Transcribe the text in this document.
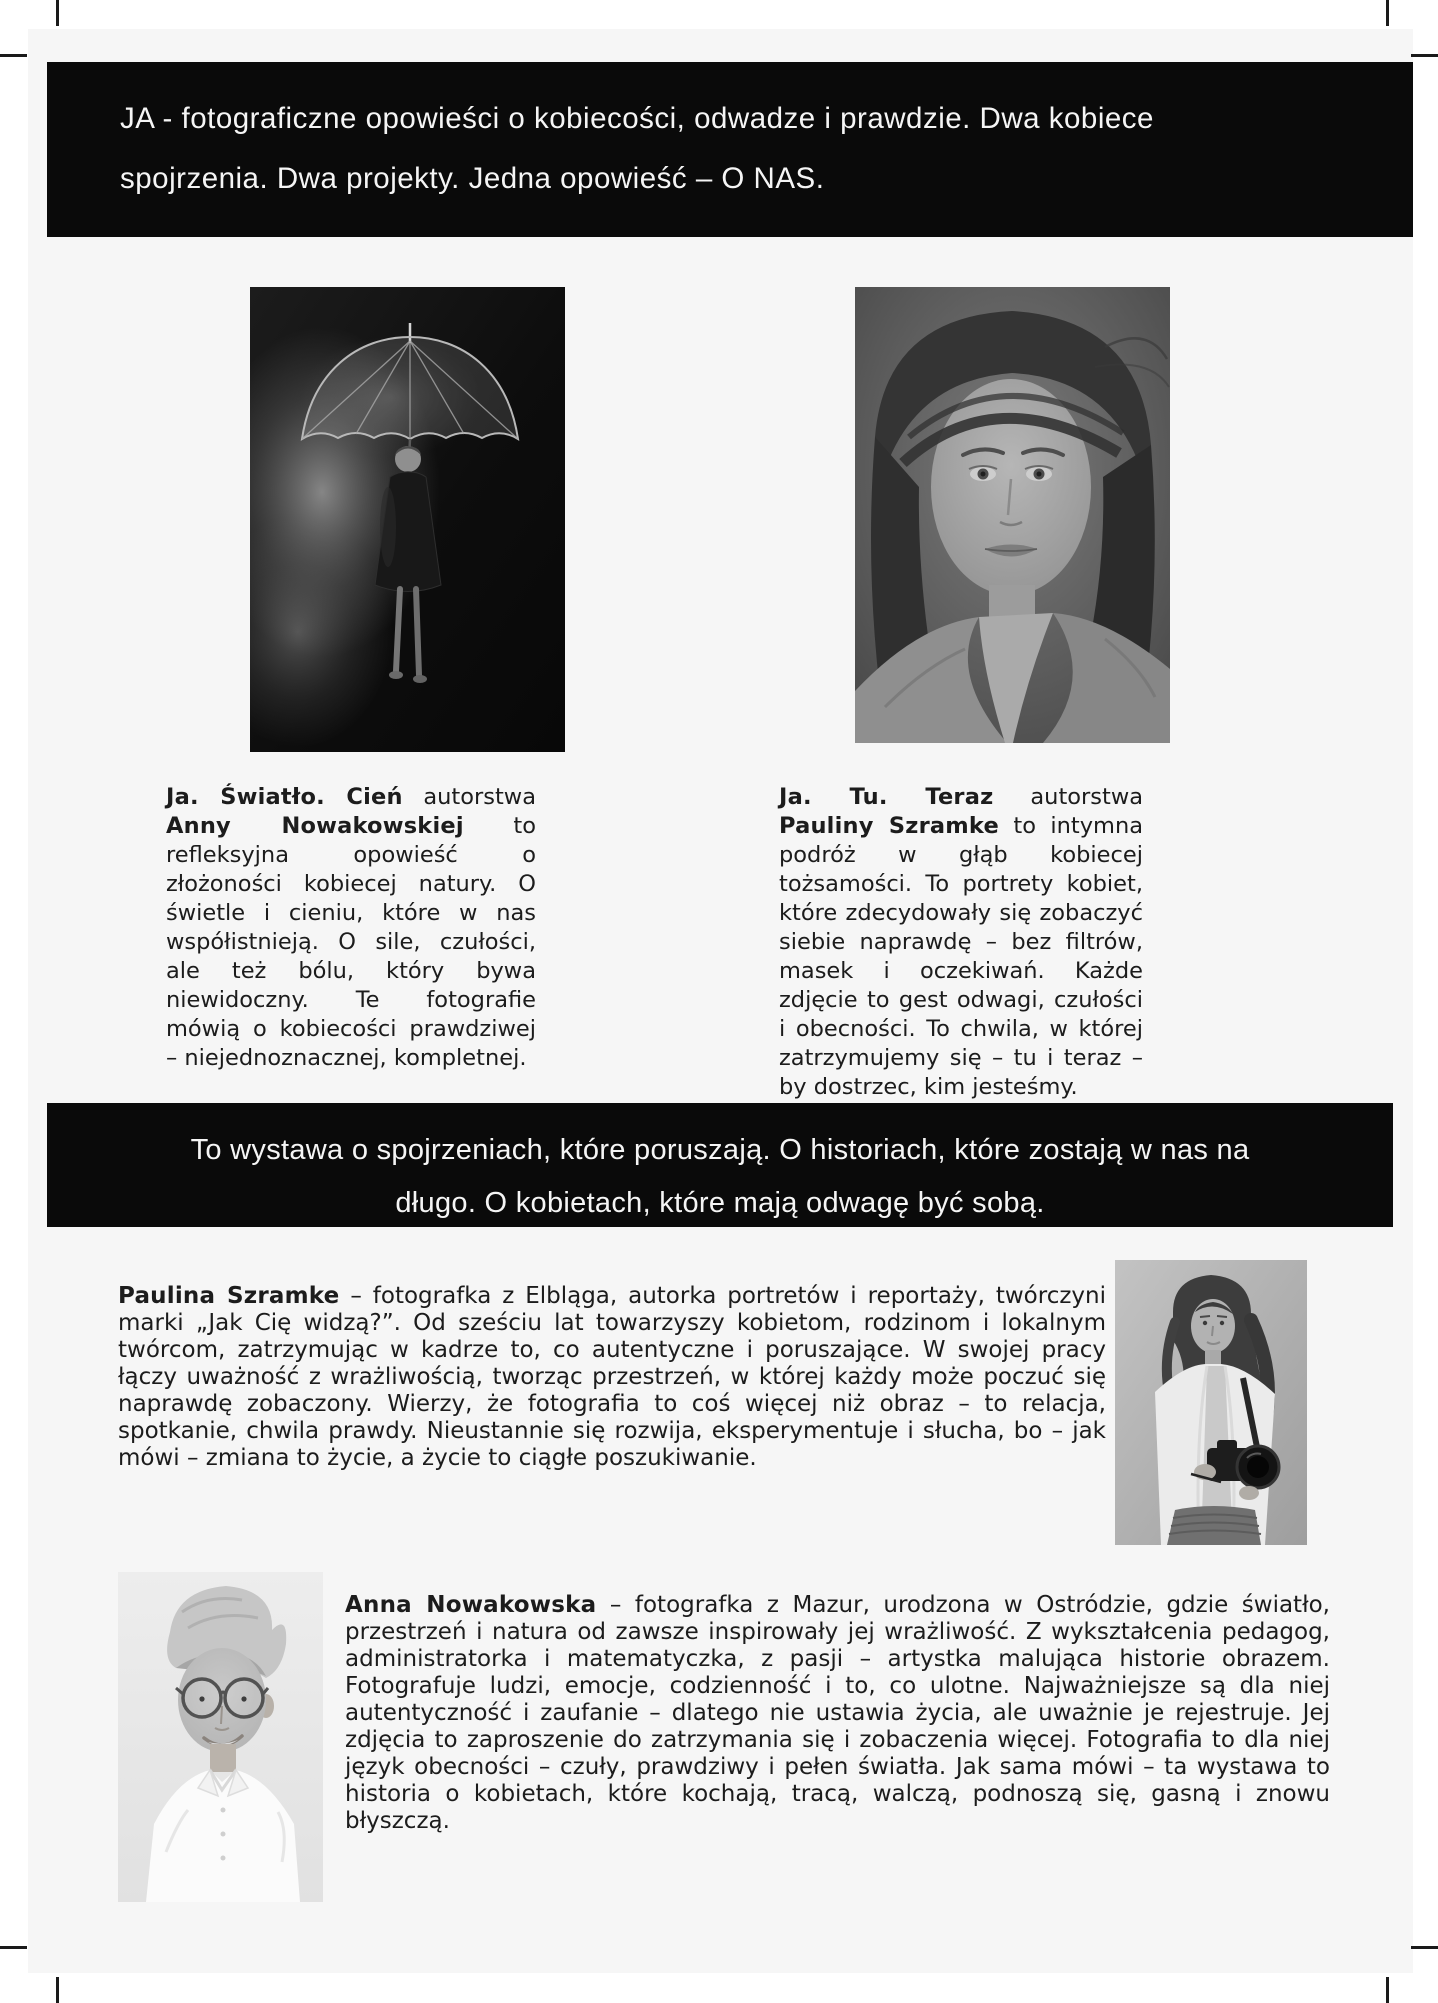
JA - fotograficzne opowieści o kobiecości, odwadze i prawdzie. Dwa kobiece spojrzenia. Dwa projekty. Jedna opowieść – O NAS.
Ja. Światło. Cień autorstwa Anny Nowakowskiej to refleksyjna opowieść o złożoności kobiecej natury. O świetle i cieniu, które w nas współistnieją. O sile, czułości, ale też bólu, który bywa niewidoczny. Te fotografie mówią o kobiecości prawdziwej – niejednoznacznej, kompletnej.
Ja. Tu. Teraz autorstwa Pauliny Szramke to intymna podróż w głąb kobiecej tożsamości. To portrety kobiet, które zdecydowały się zobaczyć siebie naprawdę – bez filtrów, masek i oczekiwań. Każde zdjęcie to gest odwagi, czułości i obecności. To chwila, w której zatrzymujemy się – tu i teraz – by dostrzec, kim jesteśmy.
To wystawa o spojrzeniach, które poruszają. O historiach, które zostają w nas na długo. O kobietach, które mają odwagę być sobą.
Paulina Szramke – fotografka z Elbląga, autorka portretów i reportaży, twórczyni marki „Jak Cię widzą?”. Od sześciu lat towarzyszy kobietom, rodzinom i lokalnym twórcom, zatrzymując w kadrze to, co autentyczne i poruszające. W swojej pracy łączy uważność z wrażliwością, tworząc przestrzeń, w której każdy może poczuć się naprawdę zobaczony. Wierzy, że fotografia to coś więcej niż obraz – to relacja, spotkanie, chwila prawdy. Nieustannie się rozwija, eksperymentuje i słucha, bo – jak mówi – zmiana to życie, a życie to ciągłe poszukiwanie.
Anna Nowakowska – fotografka z Mazur, urodzona w Ostródzie, gdzie światło, przestrzeń i natura od zawsze inspirowały jej wrażliwość. Z wykształcenia pedagog, administratorka i matematyczka, z pasji – artystka malująca historie obrazem. Fotografuje ludzi, emocje, codzienność i to, co ulotne. Najważniejsze są dla niej autentyczność i zaufanie – dlatego nie ustawia życia, ale uważnie je rejestruje. Jej zdjęcia to zaproszenie do zatrzymania się i zobaczenia więcej. Fotografia to dla niej język obecności – czuły, prawdziwy i pełen światła. Jak sama mówi – ta wystawa to historia o kobietach, które kochają, tracą, walczą, podnoszą się, gasną i znowu błyszczą.
